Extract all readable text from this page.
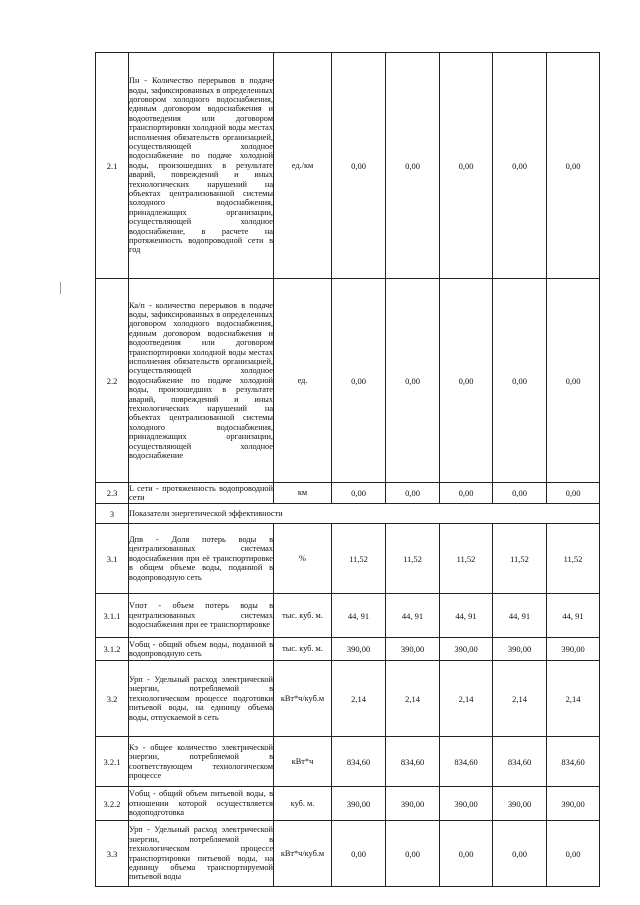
2.1	Пн - Количество перерывов в подаче воды, зафиксированных в определенных договором холодного водоснабжения, единым договором водоснабжения и водоотведения или договором транспортировки холодной воды местах исполнения обязательств организацией, осуществляющей холодное водоснабжение по подаче холодной воды, произошедших в результате аварий, повреждений и иных технологических нарушений на объектах централизованной системы холодного водоснабжения, принадлежащих организации, осуществляющей холодное водоснабжение, в расчете на протяженность водопроводной сети в год	ед./км	0,00	0,00	0,00	0,00	0,00
2.2	Ка/п - количество перерывов в подаче воды, зафиксированных в определенных договором холодного водоснабжения, единым договором водоснабжения и водоотведения или договором транспортировки холодной воды местах исполнения обязательств организацией, осуществляющей холодное водоснабжение по подаче холодной воды, произошедших в результате аварий, повреждений и иных технологических нарушений на объектах централизованной системы холодного водоснабжения, принадлежащих организации, осуществляющей холодное водоснабжение	ед.	0,00	0,00	0,00	0,00	0,00
2.3	L сети - протяженность водопроводной сети	км	0,00	0,00	0,00	0,00	0,00
3	Показатели энергетической эффективности						
3.1	Дпв - Доля потерь воды в централизованных системах водоснабжения при её транспортировке в общем объеме воды, поданной в водопроводную сеть	%	11,52	11,52	11,52	11,52	11,52
3.1.1	Vпот - объем потерь воды в централизованных системах водоснабжения при ее транспортировке	тыс. куб. м.	44, 91	44, 91	44, 91	44, 91	44, 91
3.1.2	Vобщ - общий объем воды, поданной в водопроводную сеть	тыс. куб. м.	390,00	390,00	390,00	390,00	390,00
3.2	Урп - Удельный расход электрической энергии, потребляемой в технологическом процессе подготовки питьевой воды, на единицу объема воды, отпускаемой в сеть	кВт*ч/куб.м	2,14	2,14	2,14	2,14	2,14
3.2.1	Кэ - общее количество электрической энергии, потребляемой в соответствующем технологическом процессе	кВт*ч	834,60	834,60	834,60	834,60	834,60
3.2.2	Vобщ - общий объем питьевой воды, в отношении которой осуществляется водоподготовка	куб. м.	390,00	390,00	390,00	390,00	390,00
3.3	Урп - Удельный расход электрической энергии, потребляемой в технологическом процессе транспортировки питьевой воды, на единицу объема транспортируемой питьевой воды	кВт*ч/куб.м	0,00	0,00	0,00	0,00	0,00
